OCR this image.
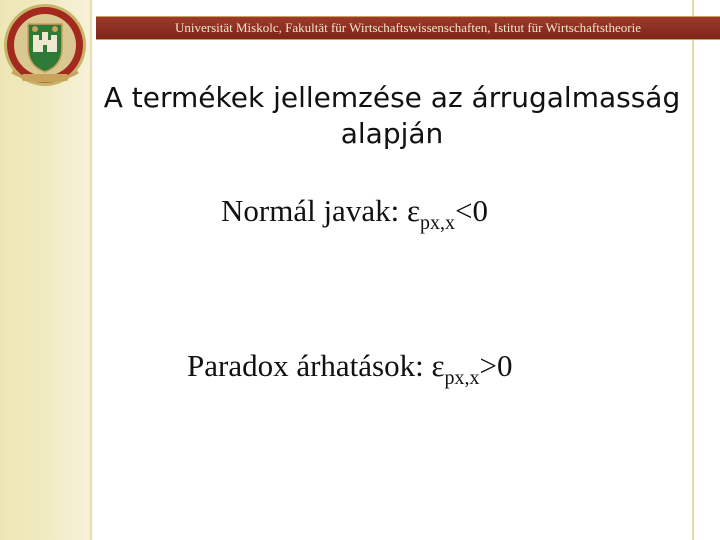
Universität Miskolc, Fakultät für Wirtschaftswissenschaften, Istitut für Wirtschaftstheorie
A termékek jellemzése az árrugalmasság alapján
Normál javak: $\varepsilon_{px,x}<0$
Paradox árhatások: $\varepsilon_{px,x}>0$
